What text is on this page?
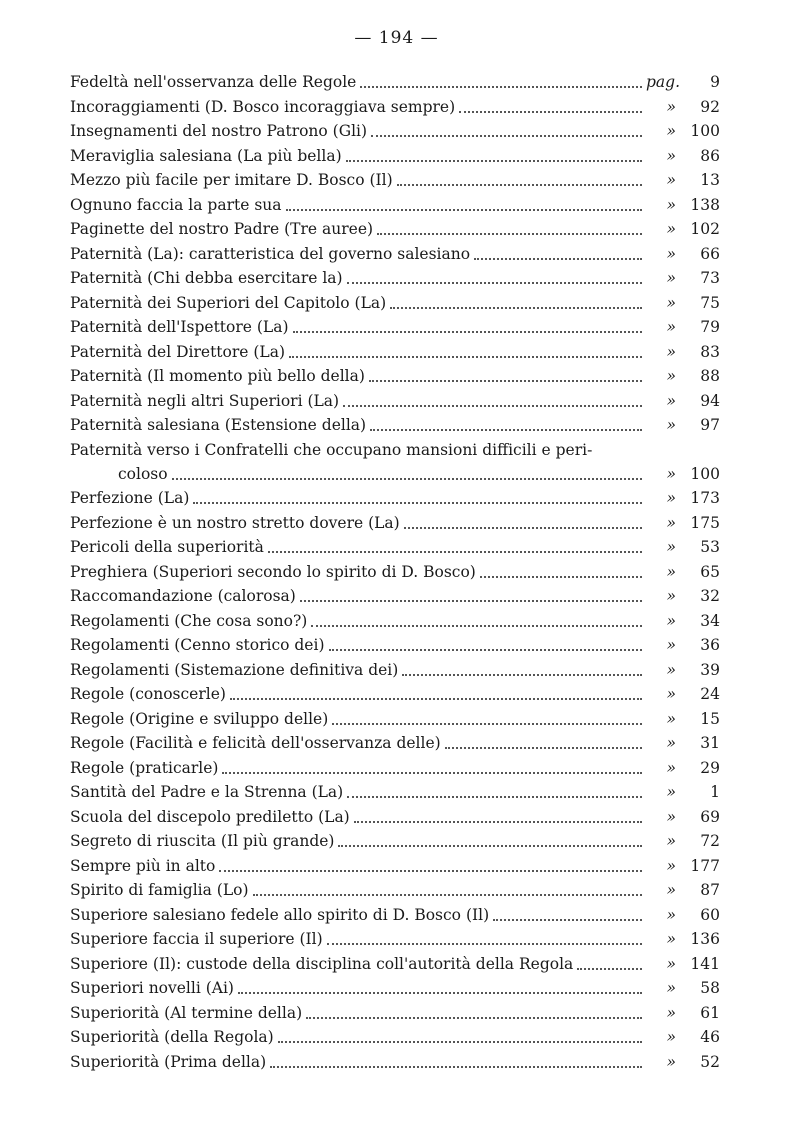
— 194 —
Fedeltà nell'osservanza delle Regole	pag.	9
Incoraggiamenti (D. Bosco incoraggiava sempre)	»	92
Insegnamenti del nostro Patrono (Gli)	» 100
Meraviglia salesiana (La più bella)	»	86
Mezzo più facile per imitare D. Bosco (Il)	»	13
Ognuno faccia la parte sua	» 138
Paginette del nostro Padre (Tre auree)	» 102
Paternità (La): caratteristica del governo salesiano	»	66
Paternità (Chi debba esercitare la)	»	73
Paternità dei Superiori del Capitolo (La)	»	75
Paternità dell'Ispettore (La)	»	79
Paternità del Direttore (La)	»	83
Paternità (Il momento più bello della)	»	88
Paternità negli altri Superiori (La)	»	94
Paternità salesiana (Estensione della)	»	97
Paternità verso i Confratelli che occupano mansioni difficili e peri-
coloso	» 100
Perfezione (La)	» 173
Perfezione è un nostro stretto dovere (La)	» 175
Pericoli della superiorità	»	53
Preghiera (Superiori secondo lo spirito di D. Bosco)	»	65
Raccomandazione (calorosa)	»	32
Regolamenti (Che cosa sono?)	»	34
Regolamenti (Cenno storico dei)	»	36
Regolamenti (Sistemazione definitiva dei)	»	39
Regole (conoscerle)	»	24
Regole (Origine e sviluppo delle)	»	15
Regole (Facilità e felicità dell'osservanza delle)	»	31
Regole (praticarle)	»	29
Santità del Padre e la Strenna (La)	»	1
Scuola del discepolo prediletto (La)	»	69
Segreto di riuscita (Il più grande)	»	72
Sempre più in alto	» 177
Spirito di famiglia (Lo)	»	87
Superiore salesiano fedele allo spirito di D. Bosco (Il)	»	60
Superiore faccia il superiore (Il)	» 136
Superiore (Il): custode della disciplina coll'autorità della Regola	» 141
Superiori novelli (Ai)	»	58
Superiorità (Al termine della)	»	61
Superiorità (della Regola)	»	46
Superiorità (Prima della)	»	52
